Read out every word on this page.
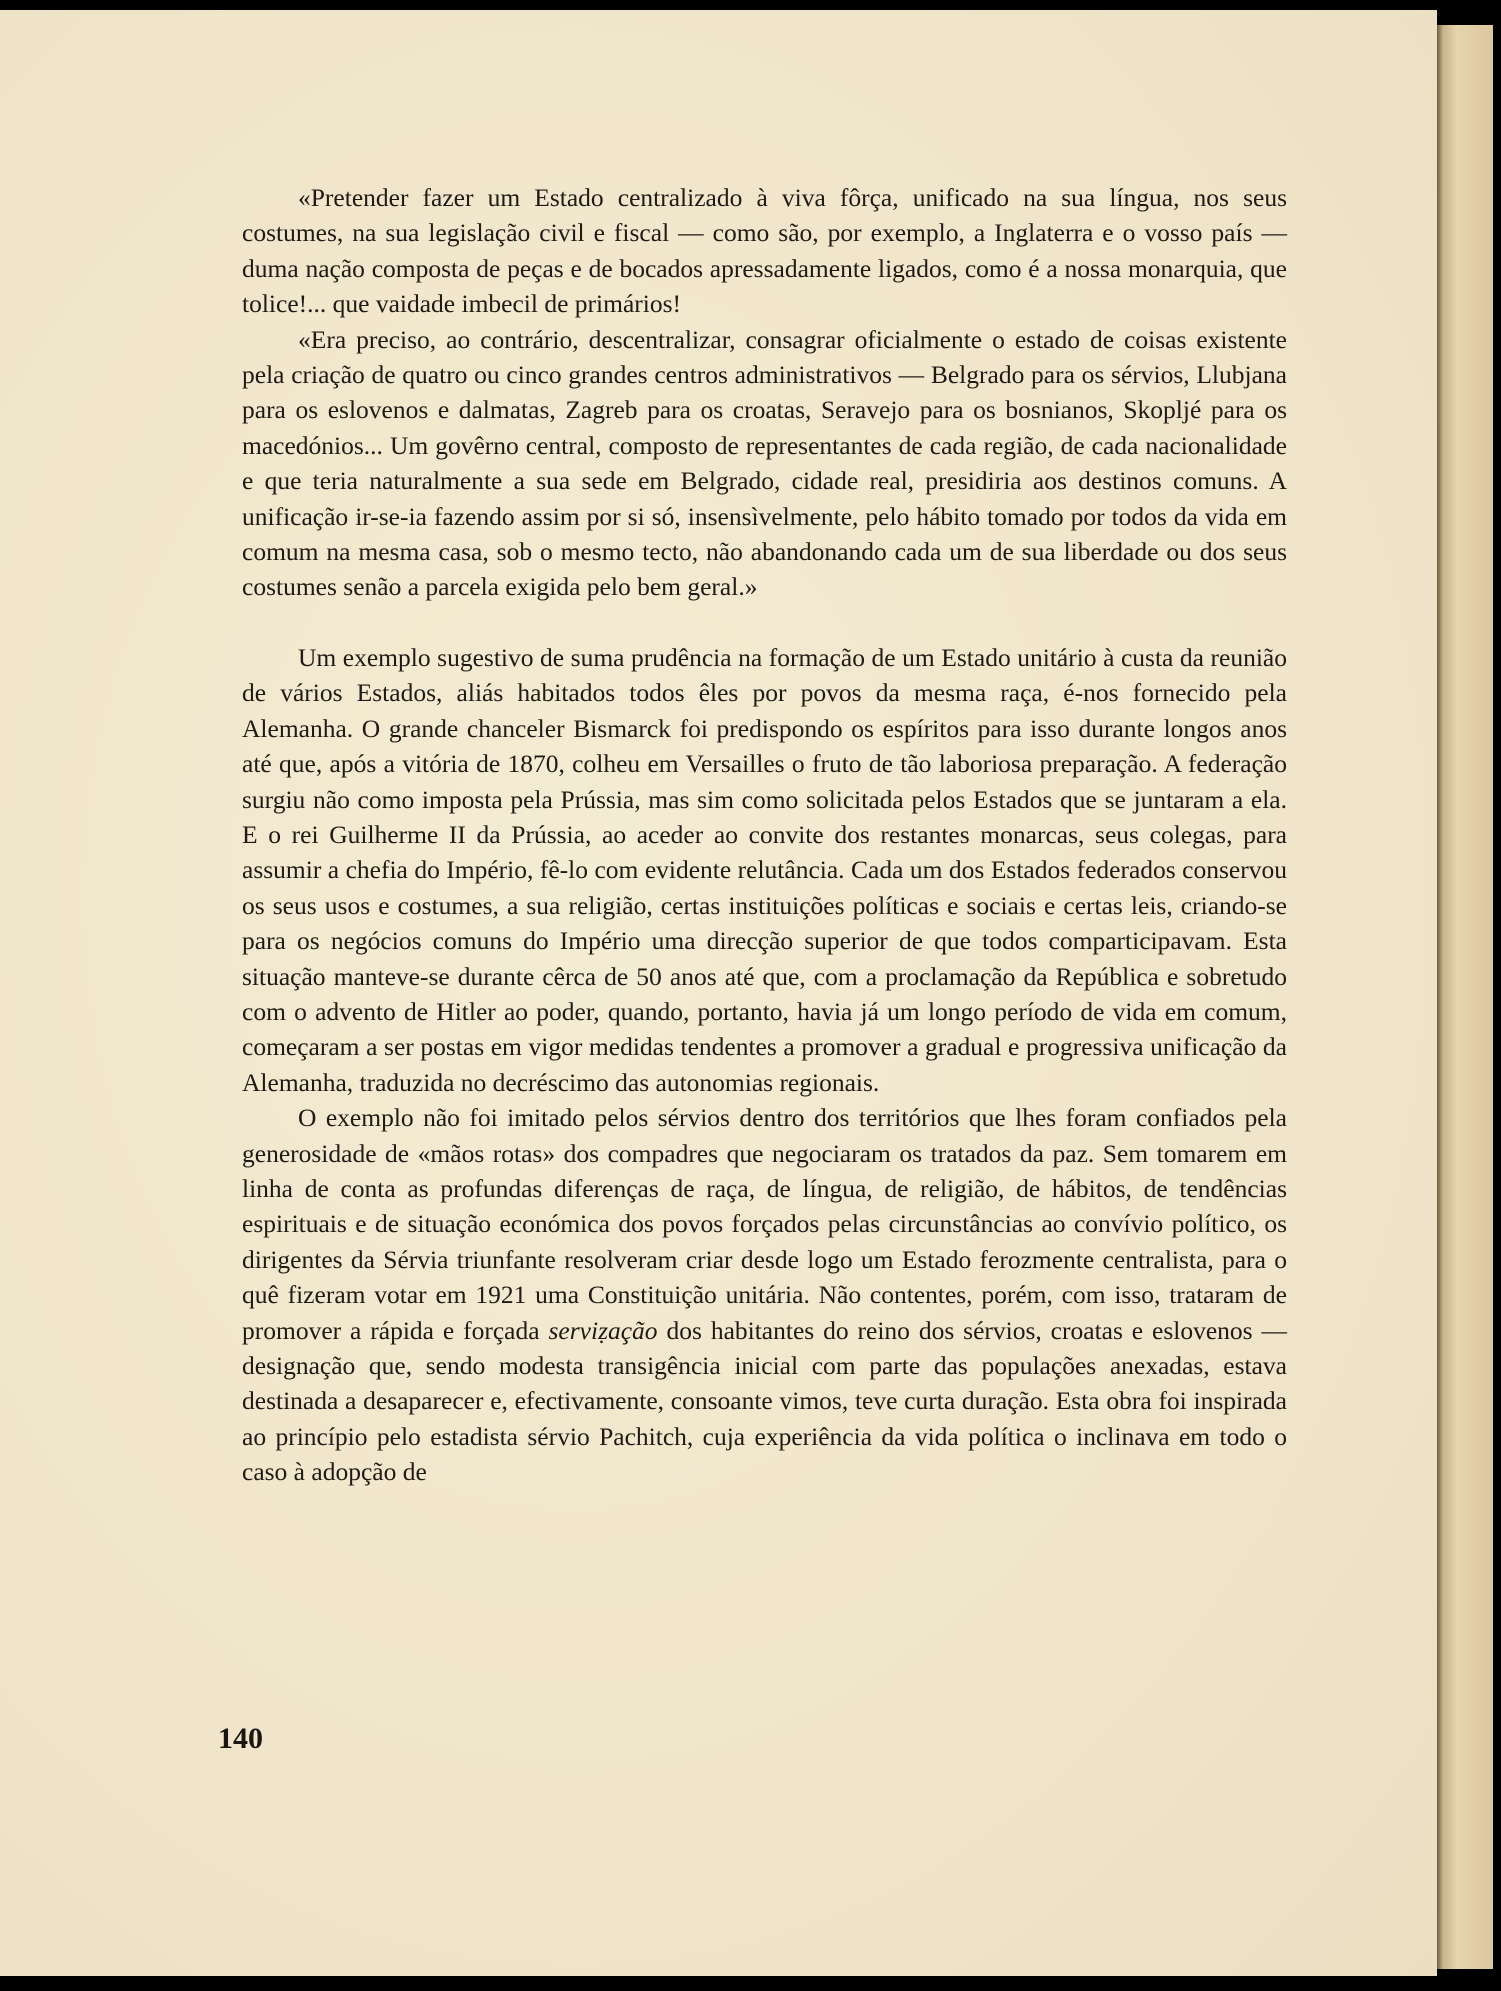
«Pretender fazer um Estado centralizado à viva fôrça, unificado na sua língua, nos seus costumes, na sua legislação civil e fiscal — como são, por exemplo, a Inglaterra e o vosso país — duma nação composta de peças e de bocados apressadamente ligados, como é a nossa monarquia, que tolice!... que vaidade imbecil de primários!

«Era preciso, ao contrário, descentralizar, consagrar oficialmente o estado de coisas existente pela criação de quatro ou cinco grandes centros administrativos — Belgrado para os sérvios, Llubjana para os eslovenos e dalmatas, Zagreb para os croatas, Seravejo para os bosnianos, Skopljé para os macedónios... Um govêrno central, composto de representantes de cada região, de cada nacionalidade e que teria naturalmente a sua sede em Belgrado, cidade real, presidiria aos destinos comuns. A unificação ir-se-ia fazendo assim por si só, insensìvelmente, pelo hábito tomado por todos da vida em comum na mesma casa, sob o mesmo tecto, não abandonando cada um de sua liberdade ou dos seus costumes senão a parcela exigida pelo bem geral.»

Um exemplo sugestivo de suma prudência na formação de um Estado unitário à custa da reunião de vários Estados, aliás habitados todos êles por povos da mesma raça, é-nos fornecido pela Alemanha. O grande chanceler Bismarck foi predispondo os espíritos para isso durante longos anos até que, após a vitória de 1870, colheu em Versailles o fruto de tão laboriosa preparação. A federação surgiu não como imposta pela Prússia, mas sim como solicitada pelos Estados que se juntaram a ela. E o rei Guilherme II da Prússia, ao aceder ao convite dos restantes monarcas, seus colegas, para assumir a chefia do Império, fê-lo com evidente relutância. Cada um dos Estados federados conservou os seus usos e costumes, a sua religião, certas instituições políticas e sociais e certas leis, criando-se para os negócios comuns do Império uma direcção superior de que todos comparticipavam. Esta situação manteve-se durante cêrca de 50 anos até que, com a proclamação da República e sobretudo com o advento de Hitler ao poder, quando, portanto, havia já um longo período de vida em comum, começaram a ser postas em vigor medidas tendentes a promover a gradual e progressiva unificação da Alemanha, traduzida no decréscimo das autonomias regionais.

O exemplo não foi imitado pelos sérvios dentro dos territórios que lhes foram confiados pela generosidade de «mãos rotas» dos compadres que negociaram os tratados da paz. Sem tomarem em linha de conta as profundas diferenças de raça, de língua, de religião, de hábitos, de tendências espirituais e de situação económica dos povos forçados pelas circunstâncias ao convívio político, os dirigentes da Sérvia triunfante resolveram criar desde logo um Estado ferozmente centralista, para o quê fizeram votar em 1921 uma Constituição unitária. Não contentes, porém, com isso, trataram de promover a rápida e forçada serviẓação dos habitantes do reino dos sérvios, croatas e eslovenos — designação que, sendo modesta transigência inicial com parte das populações anexadas, estava destinada a desaparecer e, efectivamente, consoante vimos, teve curta duração. Esta obra foi inspirada ao princípio pelo estadista sérvio Pachitch, cuja experiência da vida política o inclinava em todo o caso à adopção de

140
